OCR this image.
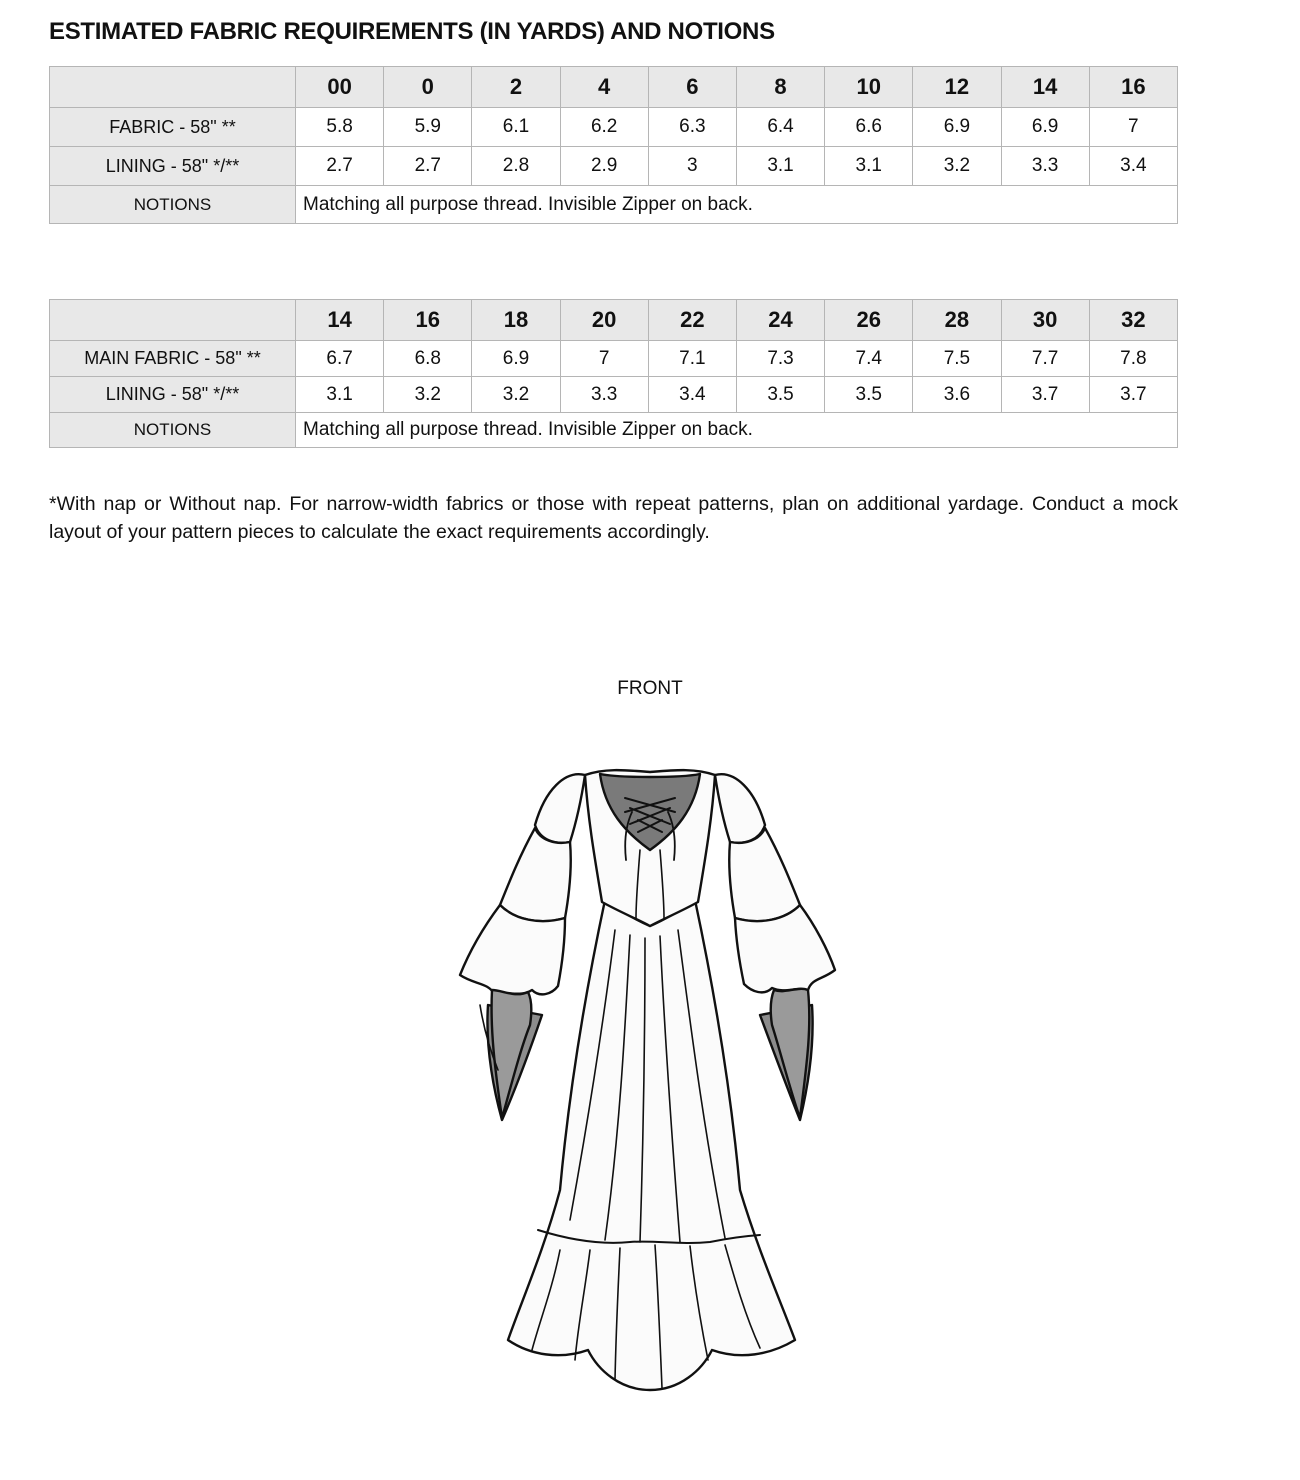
ESTIMATED FABRIC REQUIREMENTS (IN YARDS) AND NOTIONS
	00	0	2	4	6	8	10	12	14	16
FABRIC - 58" **	5.8	5.9	6.1	6.2	6.3	6.4	6.6	6.9	6.9	7
LINING - 58" */**	2.7	2.7	2.8	2.9	3	3.1	3.1	3.2	3.3	3.4
NOTIONS	Matching all purpose thread. Invisible Zipper on back.									
	14	16	18	20	22	24	26	28	30	32
MAIN FABRIC - 58" **	6.7	6.8	6.9	7	7.1	7.3	7.4	7.5	7.7	7.8
LINING - 58" */**	3.1	3.2	3.2	3.3	3.4	3.5	3.5	3.6	3.7	3.7
NOTIONS	Matching all purpose thread. Invisible Zipper on back.									

*With nap or Without nap. For narrow-width fabrics or those with repeat patterns, plan on additional yardage. Conduct a mock layout of your pattern pieces to calculate the exact requirements accordingly.

FRONT
